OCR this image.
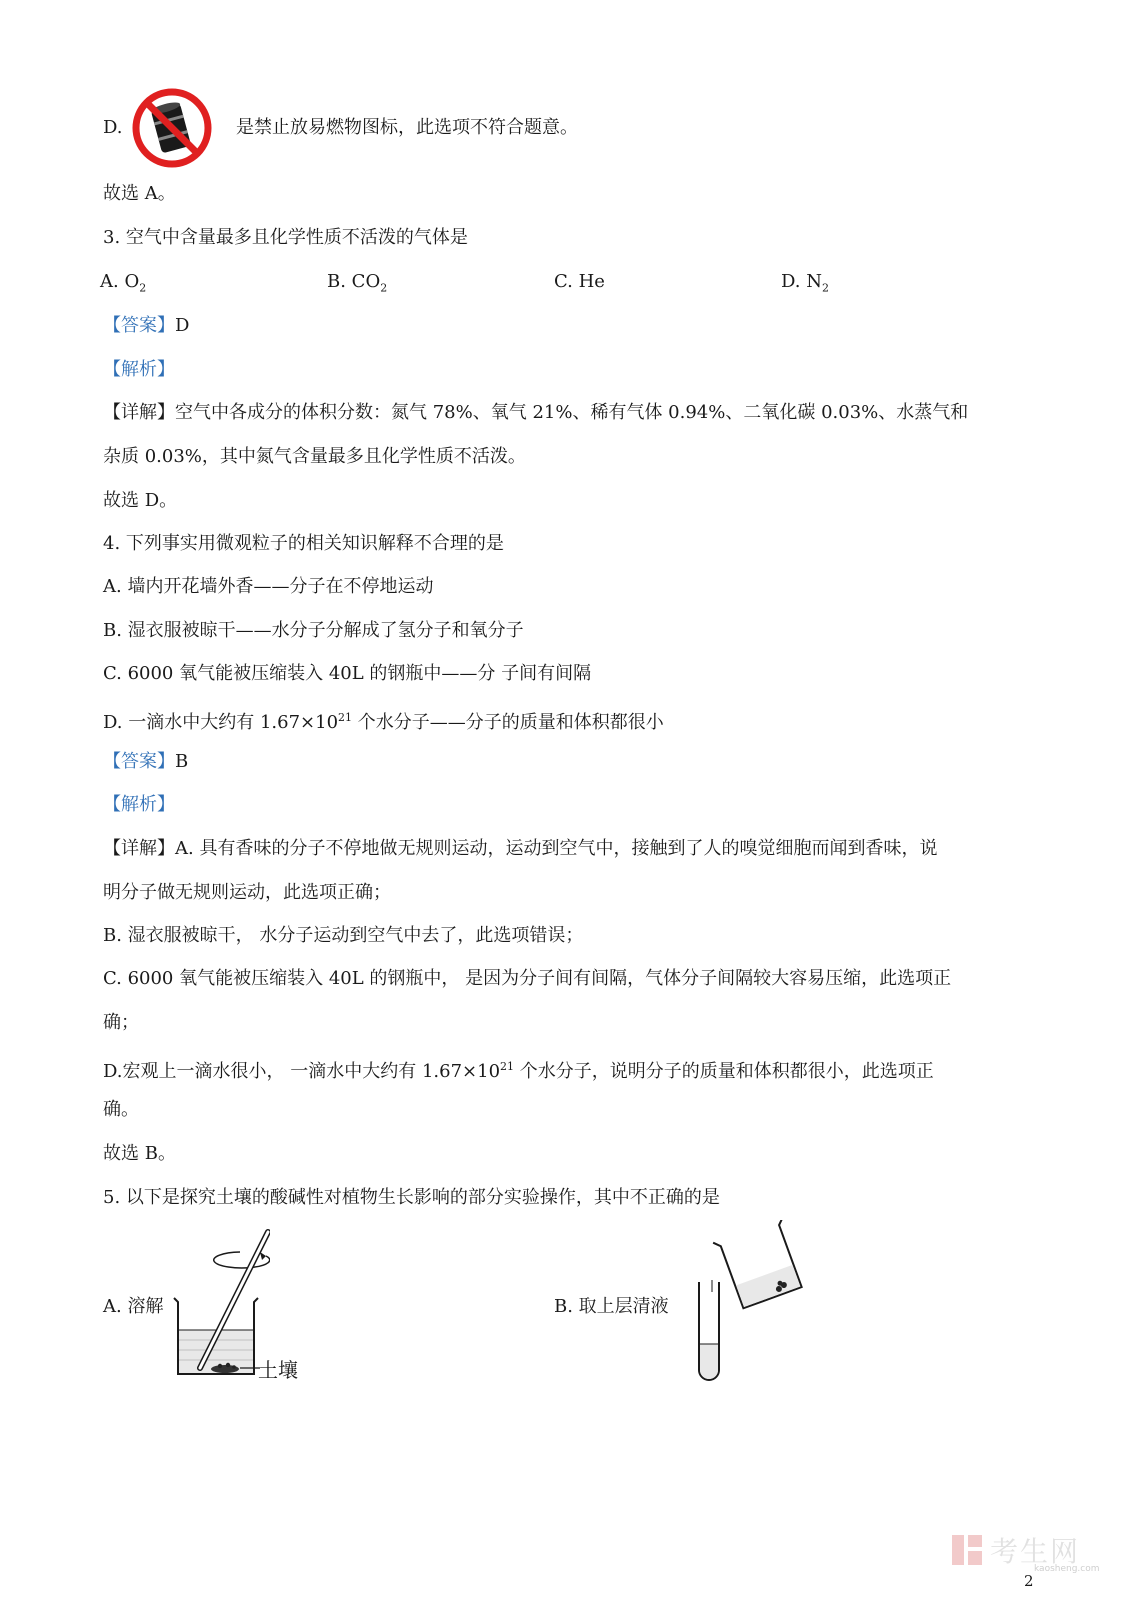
D.	是禁止放易燃物图标，此选项不符合题意。
故选 A。
3. 空气中含量最多且化学性质不活泼的气体是
A. $O_2$	B. $CO_2$	C. He	D. $N_2$
【答案】D
【解析】
【详解】空气中各成分的体积分数：氮气 78%、氧气 21%、稀有气体 0.94%、二氧化碳 0.03%、水蒸气和
杂质 0.03%，其中氮气含量最多且化学性质不活泼。
故选 D。
4. 下列事实用微观粒子的相关知识解释不合理的是
A. 墙内开花墙外香——分子在不停地运动
B. 湿衣服被晾干——水分子分解成了氢分子和氧分子
C. 6000 氧气能被压缩装入 40L 的钢瓶中——分 子间有间隔
D. 一滴水中大约有 $1.67\times 10^{21}$ 个水分子——分子的质量和体积都很小
【答案】B
【解析】
【详解】A. 具有香味的分子不停地做无规则运动，运动到空气中，接触到了人的嗅觉细胞而闻到香味，说
明分子做无规则运动，此选项正确；
B. 湿衣服被晾干， 水分子运动到空气中去了，此选项错误；
C. 6000 氧气能被压缩装入 40L 的钢瓶中， 是因为分子间有间隔，气体分子间隔较大容易压缩，此选项正
确；
D.宏观上一滴水很小， 一滴水中大约有 $1.67\times 10^{21}$ 个水分子，说明分子的质量和体积都很小，此选项正
确。
故选 B。
5. 以下是探究土壤的酸碱性对植物生长影响的部分实验操作，其中不正确的是
A. 溶解
土壤
B. 取上层清液
考生网
kaosheng.com
2
